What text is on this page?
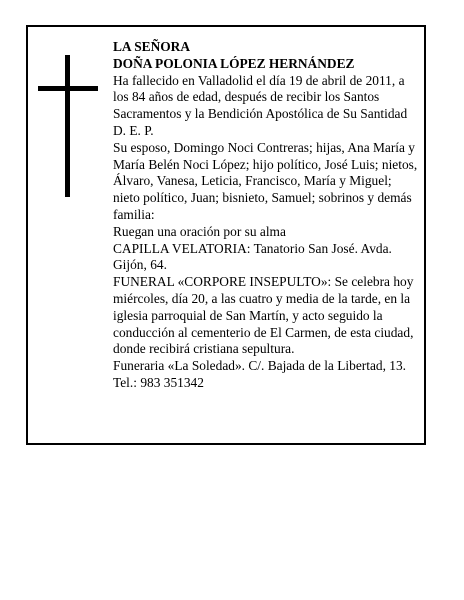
LA SEÑORA

DOÑA POLONIA LÓPEZ HERNÁNDEZ

Ha fallecido en Valladolid el día 19 de abril de 2011, a los 84 años de edad, después de recibir los Santos Sacramentos y la Bendición Apostólica de Su Santidad D. E. P.

Su esposo, Domingo Noci Contreras; hijas, Ana María y María Belén Noci López; hijo político, José Luis; nietos, Álvaro, Vanesa, Leticia, Francisco, María y Miguel; nieto político, Juan; bisnieto, Samuel; sobrinos y demás familia:

Ruegan una oración por su alma

CAPILLA VELATORIA: Tanatorio San José. Avda. Gijón, 64.

FUNERAL «CORPORE INSEPULTO»: Se celebra hoy miércoles, día 20, a las cuatro y media de la tarde, en la iglesia parroquial de San Martín, y acto seguido la conducción al cementerio de El Carmen, de esta ciudad, donde recibirá cristiana sepultura.

Funeraria «La Soledad». C/. Bajada de la Libertad, 13. Tel.: 983 351342
